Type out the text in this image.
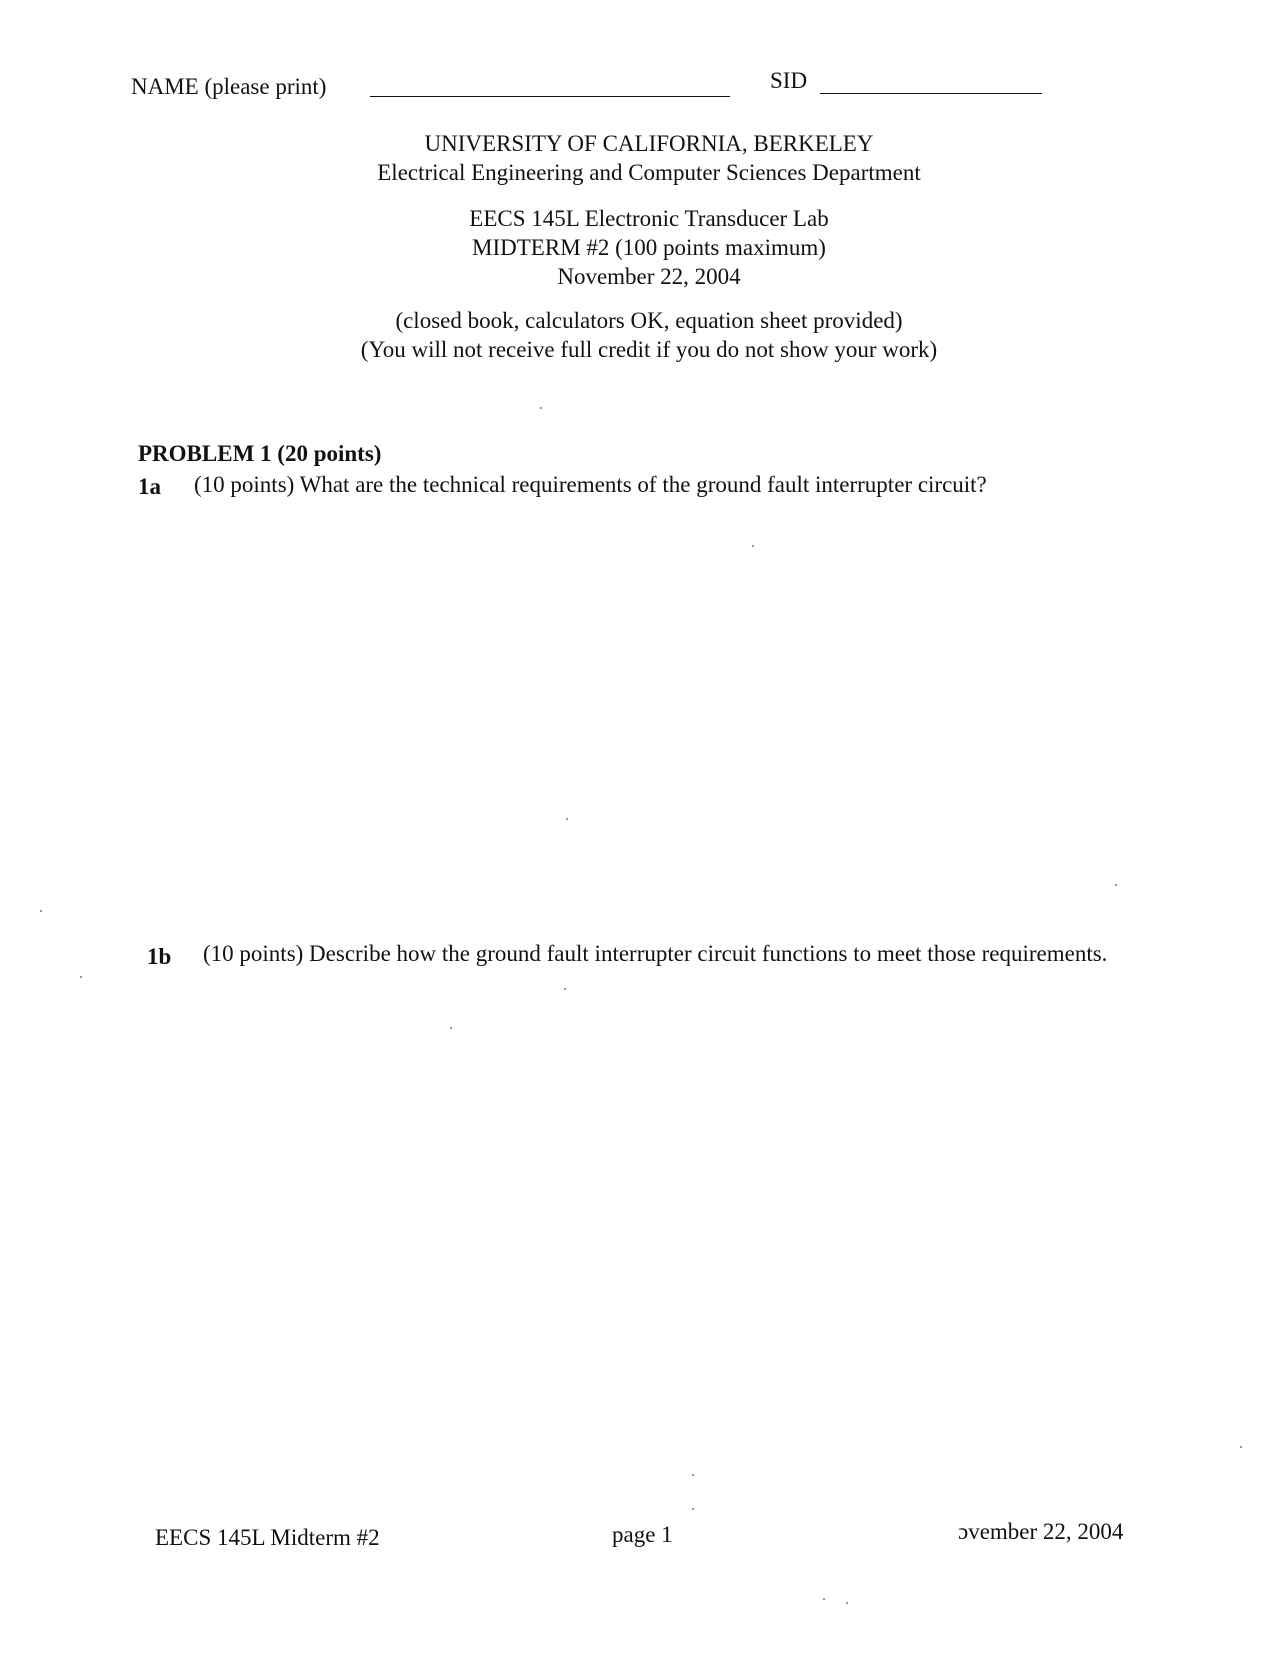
NAME (please print)	SID
UNIVERSITY OF CALIFORNIA, BERKELEY
Electrical Engineering and Computer Sciences Department
EECS 145L Electronic Transducer Lab
MIDTERM #2 (100 points maximum)
November 22, 2004
(closed book, calculators OK, equation sheet provided)
(You will not receive full credit if you do not show your work)
PROBLEM 1 (20 points)
1a (10 points) What are the technical requirements of the ground fault interrupter circuit?
1b (10 points) Describe how the ground fault interrupter circuit functions to meet those requirements.
EECS 145L Midterm #2	page 1	ɔvember 22, 2004
